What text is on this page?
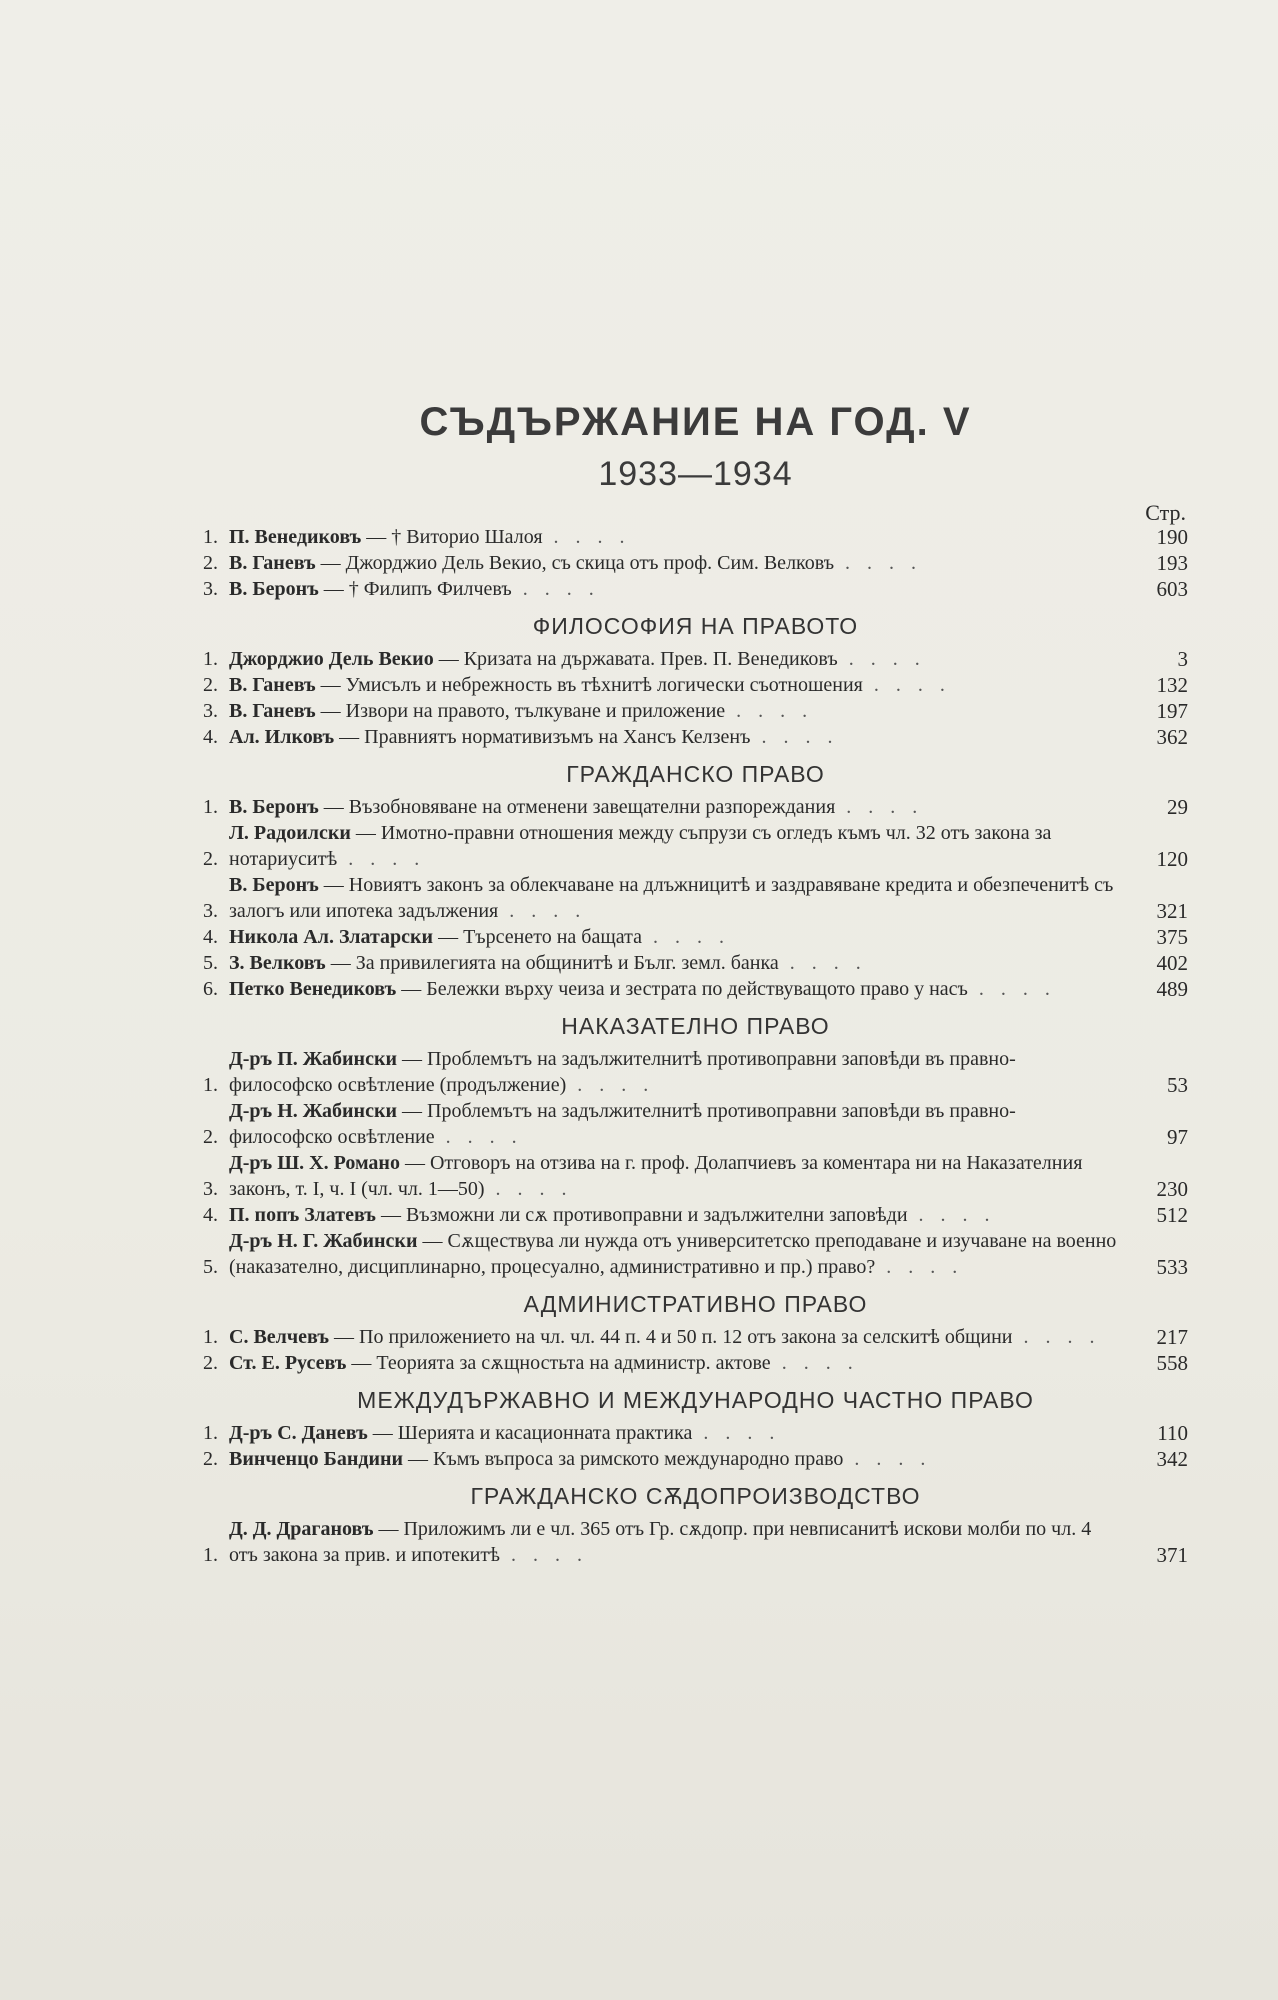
СЪДЪРЖАНИЕ НА ГОД. V
1933—1934
Стр.
1. П. Венедиковъ — † Виторио Шалоя . . . .	190
2. В. Ганевъ — Джорджио Дель Векио, съ скица отъ проф. Сим. Велковъ . . . .	193
3. В. Беронъ — † Филипъ Филчевъ . . . .	603
ФИЛОСОФИЯ НА ПРАВОТО
1. Джорджио Дель Векио — Кризата на държавата. Прев. П. Венедиковъ . . . .	3
2. В. Ганевъ — Умисълъ и небрежность въ тѣхнитѣ логически съотношения . . . .	132
3. В. Ганевъ — Извори на правото, тълкуване и приложение . . . .	197
4. Ал. Илковъ — Правниятъ нормативизъмъ на Хансъ Келзенъ . . . .	362
ГРАЖДАНСКО ПРАВО
1. В. Беронъ — Възобновяване на отменени завещателни разпореждания . . . .	29
2.
Л. Радоилски — Имотно-правни отношения между съпрузи съ огледъ къмъ чл. 32 отъ закона за нотариуситѣ . . . .	120
3.
В. Беронъ — Новиятъ законъ за облекчаване на длъжницитѣ и заздравяване кредита и обезпеченитѣ съ залогъ или ипотека задължения . . . .	321
4. Никола Ал. Златарски — Търсенето на бащата . . . .	375
5. З. Велковъ — За привилегията на общинитѣ и Бълг. земл. банка . . . .	402
6. Петко Венедиковъ — Бележки върху чеиза и зестрата по действуващото право у насъ . . . .	489
НАКАЗАТЕЛНО ПРАВО
1.
Д-ръ П. Жабински — Проблемътъ на задължителнитѣ противоправни заповѣди въ правно-философско освѣтление (продължение) . . . .	53
2.
Д-ръ Н. Жабински — Проблемътъ на задължителнитѣ противоправни заповѣди въ правно-философско освѣтление . . . .	97
3.
Д-ръ Ш. Х. Романо — Отговоръ на отзива на г. проф. Долапчиевъ за коментара ни на Наказателния законъ, т. I, ч. I (чл. чл. 1—50) . . . .	230
4. П. попъ Златевъ — Възможни ли сѫ противоправни и задължителни заповѣди . . . .	512
5.
Д-ръ Н. Г. Жабински — Сѫществува ли нужда отъ университетско преподаване и изучаване на военно (наказателно, дисциплинарно, процесуално, административно и пр.) право? . . . .	533
АДМИНИСТРАТИВНО ПРАВО
1. С. Велчевъ — По приложението на чл. чл. 44 п. 4 и 50 п. 12 отъ закона за селскитѣ общини . . . .	217
2. Ст. Е. Русевъ — Теорията за сѫщностьта на администр. актове . . . .	558
МЕЖДУДЪРЖАВНО И МЕЖДУНАРОДНО ЧАСТНО ПРАВО
1. Д-ръ С. Даневъ — Шерията и касационната практика . . . .	110
2. Винченцо Бандини — Къмъ въпроса за римското международно право . . . .	342
ГРАЖДАНСКО СѪДОПРОИЗВОДСТВО
1.
Д. Д. Драгановъ — Приложимъ ли е чл. 365 отъ Гр. сѫдопр. при невписанитѣ искови молби по чл. 4 отъ закона за прив. и ипотекитѣ . . . .	371
